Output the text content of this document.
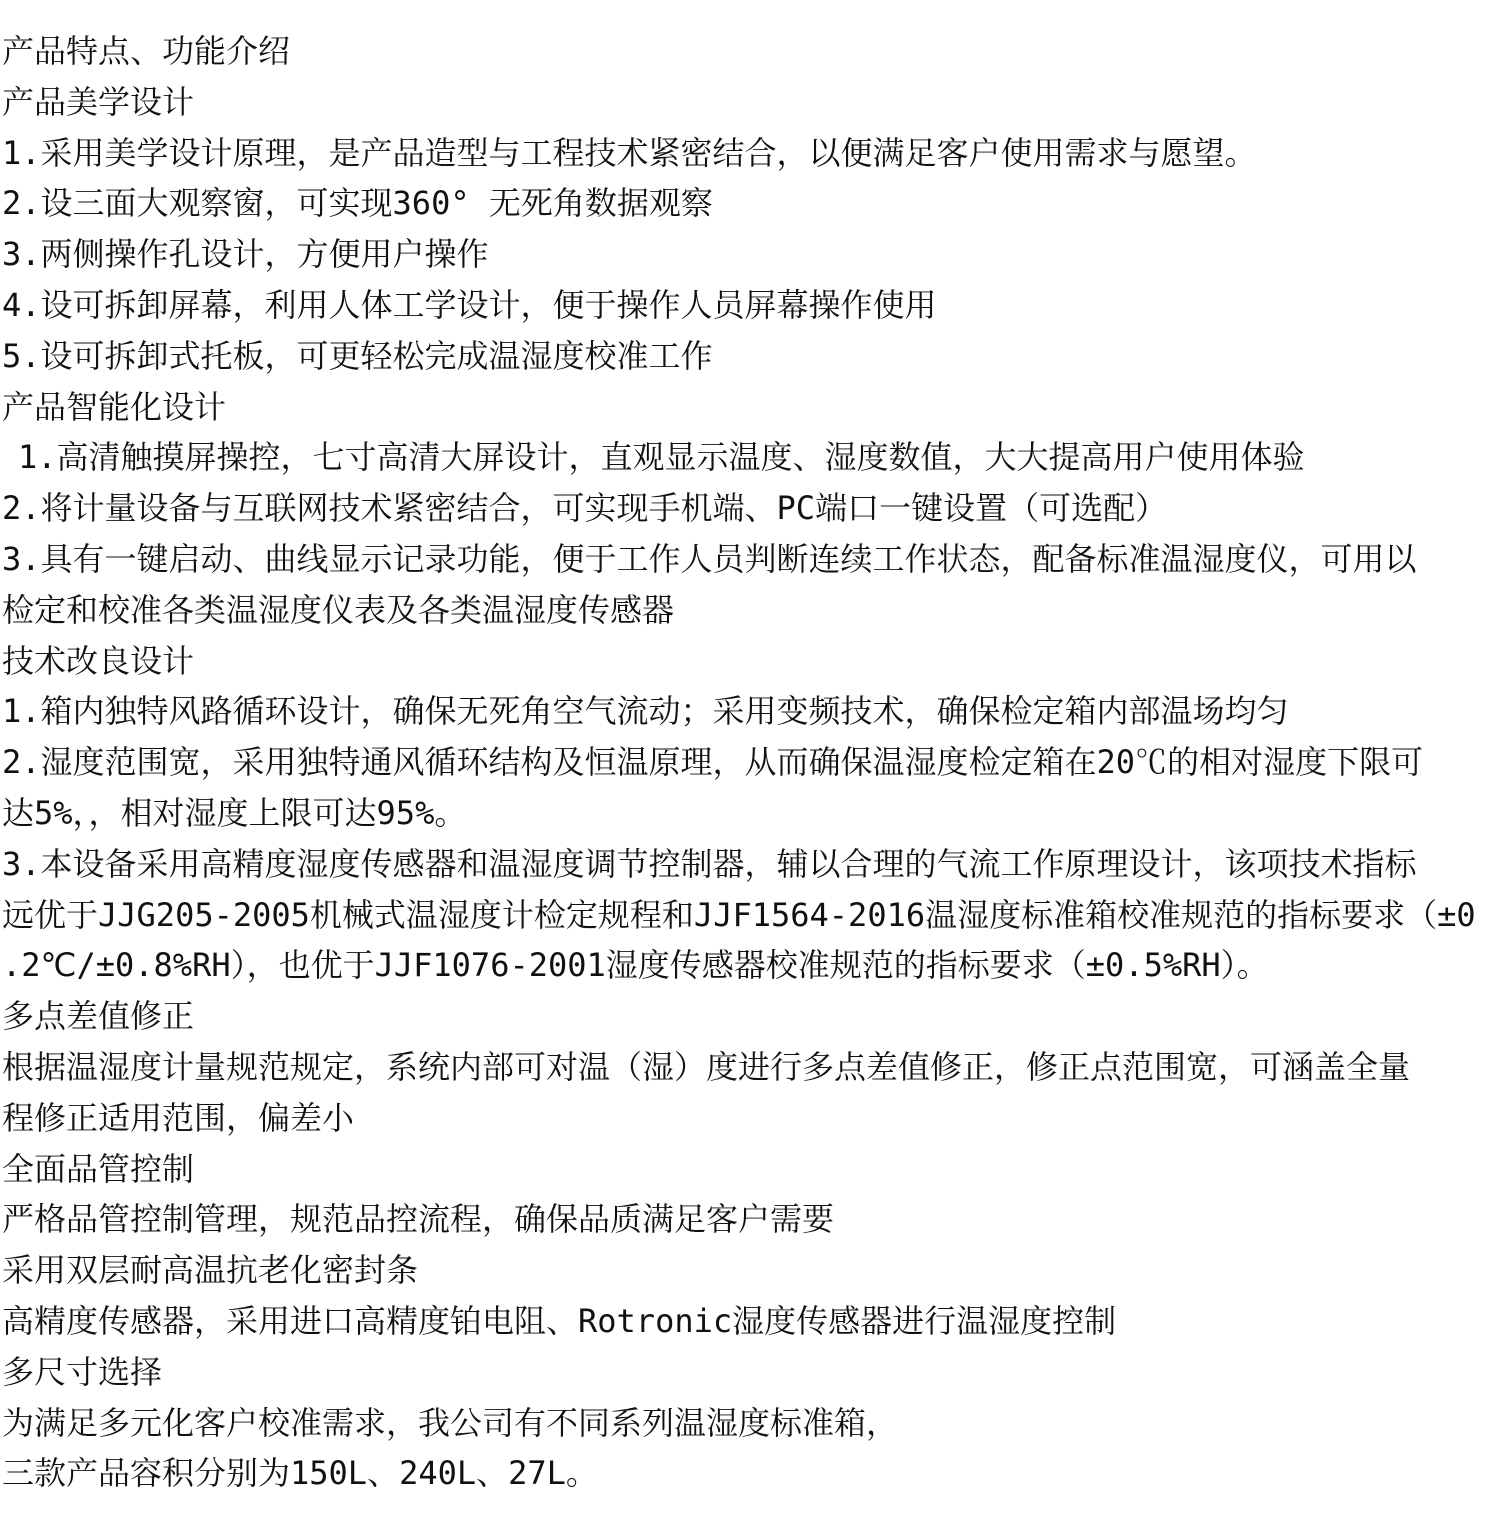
产品特点、功能介绍

产品美学设计

1.采用美学设计原理，是产品造型与工程技术紧密结合，以便满足客户使用需求与愿望。

2.设三面大观察窗，可实现360° 无死角数据观察

3.两侧操作孔设计，方便用户操作

4.设可拆卸屏幕，利用人体工学设计，便于操作人员屏幕操作使用

5.设可拆卸式托板，可更轻松完成温湿度校准工作

产品智能化设计

1.高清触摸屏操控，七寸高清大屏设计，直观显示温度、湿度数值，大大提高用户使用体验

2.将计量设备与互联网技术紧密结合，可实现手机端、PC端口一键设置（可选配）

3.具有一键启动、曲线显示记录功能，便于工作人员判断连续工作状态，配备标准温湿度仪，可用以

检定和校准各类温湿度仪表及各类温湿度传感器

技术改良设计

1.箱内独特风路循环设计，确保无死角空气流动；采用变频技术，确保检定箱内部温场均匀

2.湿度范围宽，采用独特通风循环结构及恒温原理，从而确保温湿度检定箱在20℃的相对湿度下限可

达5%，，相对湿度上限可达95%。

3.本设备采用高精度湿度传感器和温湿度调节控制器，辅以合理的气流工作原理设计，该项技术指标

远优于JJG205-2005机械式温湿度计检定规程和JJF1564-2016温湿度标准箱校准规范的指标要求（±0

.2℃/±0.8%RH），也优于JJF1076-2001湿度传感器校准规范的指标要求（±0.5%RH）。

多点差值修正

根据温湿度计量规范规定，系统内部可对温（湿）度进行多点差值修正，修正点范围宽，可涵盖全量

程修正适用范围，偏差小

全面品管控制

严格品管控制管理，规范品控流程，确保品质满足客户需要

采用双层耐高温抗老化密封条

高精度传感器，采用进口高精度铂电阻、Rotronic湿度传感器进行温湿度控制

多尺寸选择

为满足多元化客户校准需求，我公司有不同系列温湿度标准箱，

三款产品容积分别为150L、240L、27L。
